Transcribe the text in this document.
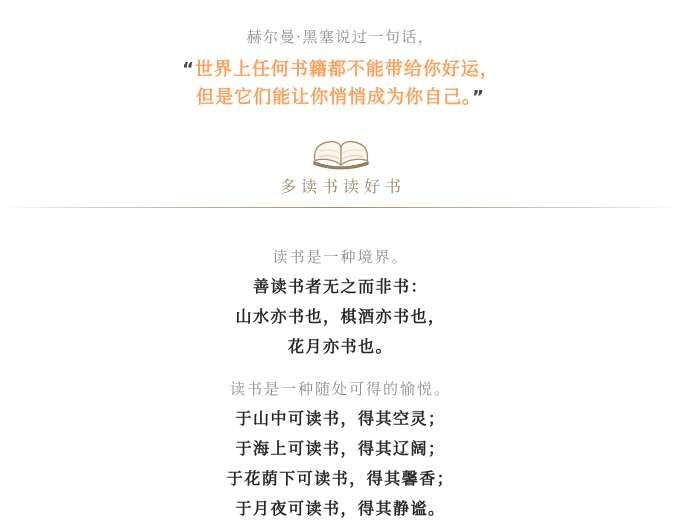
赫尔曼·黑塞说过一句话，
“世界上任何书籍都不能带给你好运，
但是它们能让你悄悄成为你自己。”
多读书读好书
读书是一种境界。
善读书者无之而非书：
山水亦书也，棋酒亦书也，
花月亦书也。
读书是一种随处可得的愉悦。
于山中可读书，得其空灵；
于海上可读书，得其辽阔；
于花荫下可读书，得其馨香；
于月夜可读书，得其静谧。
